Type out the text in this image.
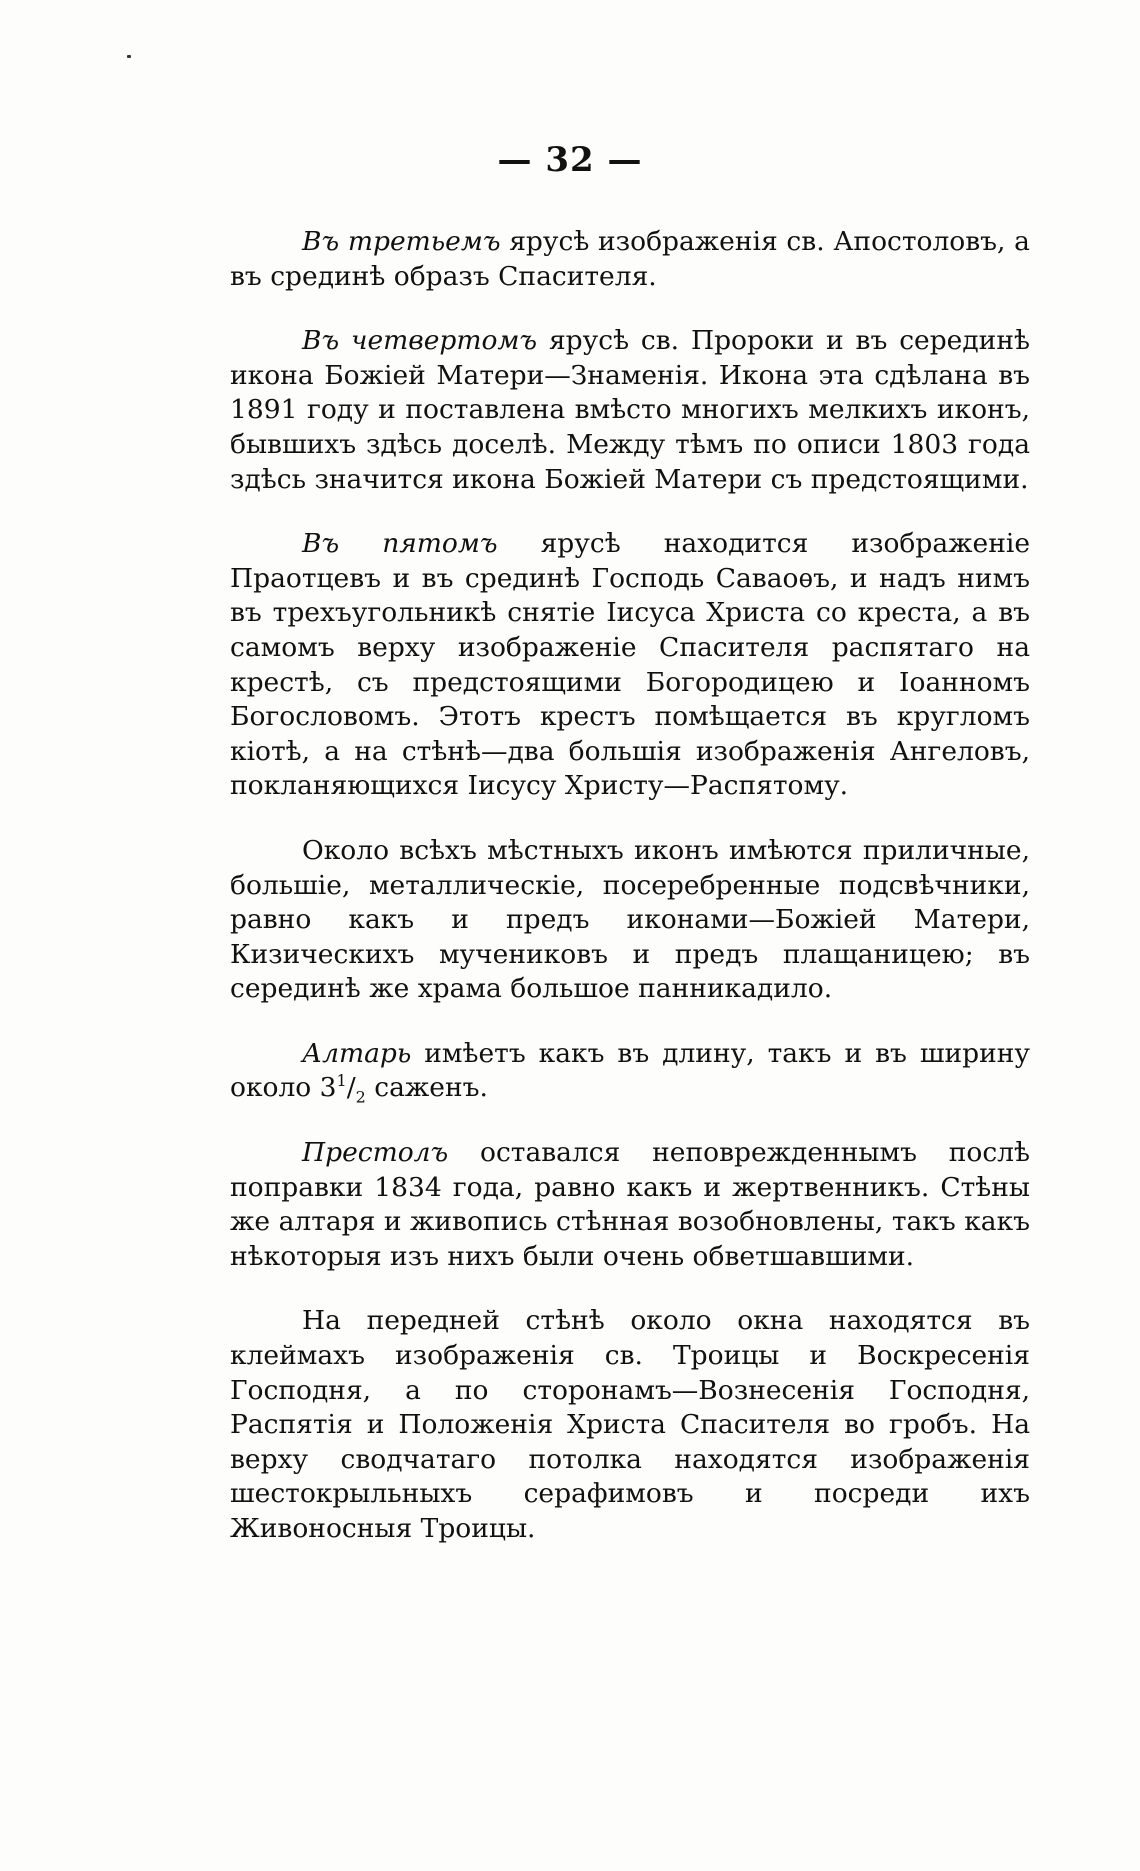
— 32 —

Въ третьемъ ярусѣ изображенія св. Апостоловъ, а въ срединѣ образъ Спасителя.

Въ четвертомъ ярусѣ св. Пророки и въ серединѣ икона Божіей Матери—Знаменія. Икона эта сдѣлана въ 1891 году и поставлена вмѣсто многихъ мелкихъ иконъ, бывшихъ здѣсь доселѣ. Между тѣмъ по описи 1803 года здѣсь значится икона Божіей Матери съ предстоящими.

Въ пятомъ ярусѣ находится изображеніе Праотцевъ и въ срединѣ Господь Саваоѳъ, и надъ нимъ въ трехъугольникѣ снятіе Іисуса Христа со креста, а въ самомъ верху изображеніе Спасителя распятаго на крестѣ, съ предстоящими Богородицею и Іоанномъ Богословомъ. Этотъ крестъ помѣщается въ кругломъ кіотѣ, а на стѣнѣ—два большія изображенія Ангеловъ, покланяющихся Іисусу Христу—Распятому.

Около всѣхъ мѣстныхъ иконъ имѣются приличные, большіе, металлическіе, посеребренные подсвѣчники, равно какъ и предъ иконами—Божіей Матери, Кизическихъ мучениковъ и предъ плащаницею; въ серединѣ же храма большое панникадило.

Алтарь имѣетъ какъ въ длину, такъ и въ ширину около $3^1/_2$ саженъ.

Престолъ оставался неповрежденнымъ послѣ поправки 1834 года, равно какъ и жертвенникъ. Стѣны же алтаря и живопись стѣнная возобновлены, такъ какъ нѣкоторыя изъ нихъ были очень обветшавшими.

На передней стѣнѣ около окна находятся въ клеймахъ изображенія св. Троицы и Воскресенія Господня, а по сторонамъ—Вознесенія Господня, Распятія и Положенія Христа Спасителя во гробъ. На верху сводчатаго потолка находятся изображенія шестокрыльныхъ серафимовъ и посреди ихъ Живоносныя Троицы.
